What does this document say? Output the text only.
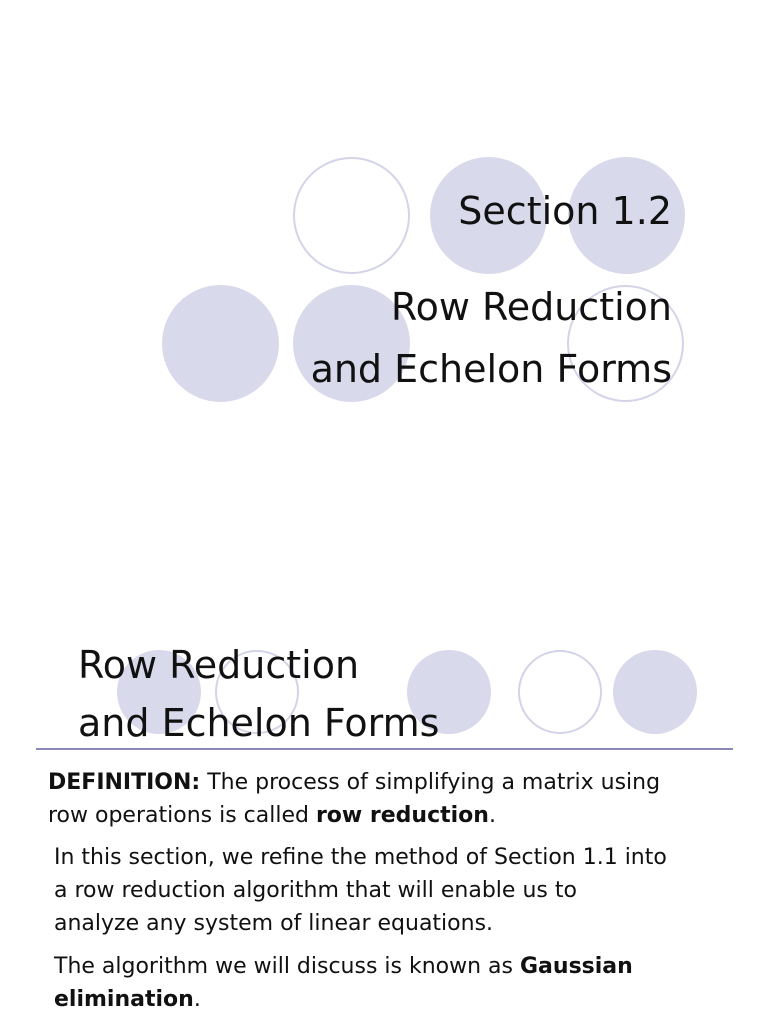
Section 1.2
Row Reduction
and Echelon Forms
Row Reduction
and Echelon Forms
DEFINITION: The process of simplifying a matrix using
row operations is called row reduction.
In this section, we refine the method of Section 1.1 into
a row reduction algorithm that will enable us to
analyze any system of linear equations.
The algorithm we will discuss is known as Gaussian
elimination.
